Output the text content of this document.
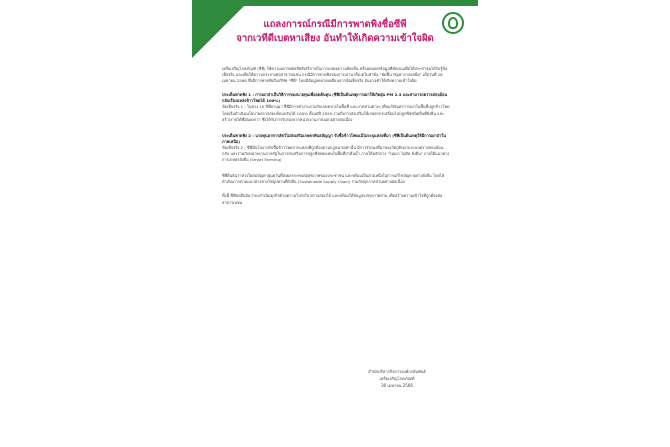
แถลงการณ์กรณีมีการพาดพิงชื่อซีพี
จากเวทีดีเบตหาเสียง อันทำให้เกิดความเข้าใจผิด

เครือเจริญโภคภัณฑ์ (ซีพี) ให้ความเคารพต่อสิทธิเสรีภาพในการแสดงความคิดเห็น หรือเผยแพร่ข้อมูลที่ชัดเจนเพื่อให้ประชาชนได้รับรู้ข้อเท็จจริง และเพื่อให้ความกระจ่างต่อสาธารณชน กรณีมีการพาดพิงของการเสวนาดีเบตในหัวข้อ "ฮัดฟิ้น ปัญหาภาคเหนือ" เมื่อวันที่ 28 เมษายน 2566 ซึ่งมีการพาดพิงถึงบริษัท "ซีพี" โดยมีข้อมูลคลาดเคลื่อนจากข้อเท็จจริง อันอาจทำให้เกิดความเข้าใจผิด

ประเด็นพาดพิง 1 : การเผาป่าเป็นวิธีการของนายทุนเพื่อลดต้นทุน (ซีพีเป็นต้นเหตุการเผาให้เกิดฝุ่น PM 2.5 และสามารถตรวจสอบย้อนกลับเรื่องแหล่งข้าวโพดได้ 100%)

ข้อเท็จจริง 1 : ในช่วง 10 ปีที่ผ่านมา ซีพีมีการทำงานร่วมกับเกษตรกรในพื้นที่ และภาคส่วนต่างๆ เพื่อแก้ปัญหาการเผาในพื้นที่ปลูกข้าวโพด โดยเริ่มดำเนินนโยบายตรวจสอบย้อนกลับได้ 100% ตั้งแต่ปี 2559 รวมถึงการส่งเสริมให้เกษตรกรเปลี่ยนไปปลูกพืชชนิดอื่นที่ยั่งยืน และสร้างรายได้ที่มั่นคงกว่า ซึ่งได้รับการรับรองจากหน่วยงานภายนอกอย่างต่อเนื่อง

ประเด็นพาดพิง 2 : นายทุนอาหารสัตว์ไม่ส่งเสริมเกษตรพันธสัญญา รับซื้อข้าวโพดแม้ไม่ระบุแหล่งที่มา (ซีพีเป็นต้นเหตุให้มีการเผาป่าในภาคเหนือ)

ข้อเท็จจริง 2 : ซีพีมีนโยบายรับซื้อข้าวโพดจากแหล่งที่ถูกต้องตามกฎหมายเท่านั้น มีการรับรองที่มาของวัตถุดิบผ่านระบบตรวจสอบย้อนกลับ และร่วมกับหน่วยงานภาครัฐในการส่งเสริมการปลูกพืชทดแทนในพื้นที่ป่าต้นน้ำ ภายใต้หลักการ "ไม่เผา ไม่ผิด ยั่งยืน" ภายใต้แนวทางการเกษตรยั่งยืน (Smart Farming)

ซีพียืนยันว่าห่วงใยต่อปัญหาฝุ่นควันที่ส่งผลกระทบต่อสุขภาพของประชาชน และพร้อมเป็นส่วนหนึ่งในการแก้ไขปัญหาอย่างยั่งยืน โดยได้ดำเนินการตามแนวทางห่วงโซ่อุปทานที่ยั่งยืน (Sustainable Supply Chain) ร่วมกับทุกภาคส่วนอย่างต่อเนื่อง

ทั้งนี้ ซีพีขอยืนยันว่าจะดำเนินธุรกิจด้วยความโปร่งใส ตรวจสอบได้ และพร้อมให้ข้อมูลแก่ทุกภาคส่วน เพื่อสร้างความเข้าใจที่ถูกต้องต่อสาธารณชน

สำนักบริหารกิจการองค์กรสัมพันธ์
เครือเจริญโภคภัณฑ์
30 เมษายน 2566
